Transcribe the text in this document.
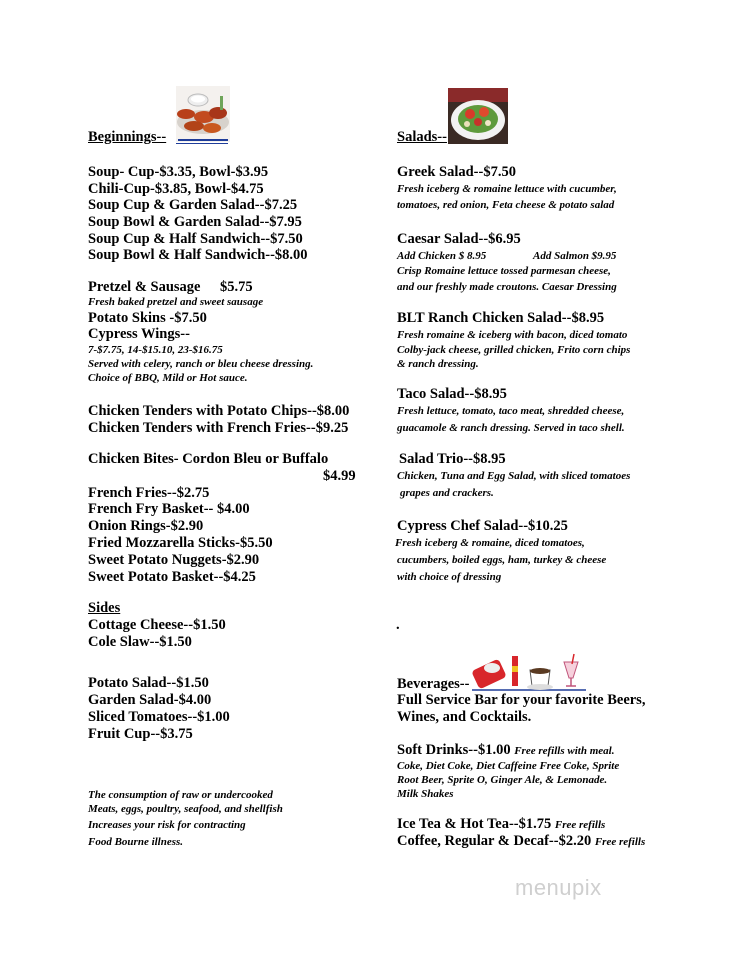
Beginnings--
Soup- Cup-$3.35, Bowl-$3.95
Chili-Cup-$3.85, Bowl-$4.75
Soup Cup & Garden Salad--$7.25
Soup Bowl & Garden Salad--$7.95
Soup Cup & Half Sandwich--$7.50
Soup Bowl & Half Sandwich--$8.00
Pretzel & Sausage $5.75
Fresh baked pretzel and sweet sausage
Potato Skins -$7.50
Cypress Wings--
7-$7.75, 14-$15.10, 23-$16.75
Served with celery, ranch or bleu cheese dressing.
Choice of BBQ, Mild or Hot sauce.
Chicken Tenders with Potato Chips--$8.00
Chicken Tenders with French Fries--$9.25
Chicken Bites- Cordon Bleu or Buffalo
$4.99
French Fries--$2.75
French Fry Basket-- $4.00
Onion Rings-$2.90
Fried Mozzarella Sticks-$5.50
Sweet Potato Nuggets-$2.90
Sweet Potato Basket--$4.25
Sides
Cottage Cheese--$1.50
Cole Slaw--$1.50
Potato Salad--$1.50
Garden Salad-$4.00
Sliced Tomatoes--$1.00
Fruit Cup--$3.75
The consumption of raw or undercooked
Meats, eggs, poultry, seafood, and shellfish
Increases your risk for contracting
Food Bourne illness.
Salads--
Greek Salad--$7.50
Fresh iceberg & romaine lettuce with cucumber,
tomatoes, red onion, Feta cheese & potato salad
Caesar Salad--$6.95
Add Chicken $ 8.95	Add Salmon $9.95
Crisp Romaine lettuce tossed parmesan cheese,
and our freshly made croutons. Caesar Dressing
BLT Ranch Chicken Salad--$8.95
Fresh romaine & iceberg with bacon, diced tomato
Colby-jack cheese, grilled chicken, Frito corn chips
& ranch dressing.
Taco Salad--$8.95
Fresh lettuce, tomato, taco meat, shredded cheese,
guacamole & ranch dressing. Served in taco shell.
Salad Trio--$8.95
Chicken, Tuna and Egg Salad, with sliced tomatoes
grapes and crackers.
Cypress Chef Salad--$10.25
Fresh iceberg & romaine, diced tomatoes,
cucumbers, boiled eggs, ham, turkey & cheese
with choice of dressing
.
Beverages--
Full Service Bar for your favorite Beers,
Wines, and Cocktails.
Soft Drinks--$1.00 Free refills with meal.
Coke, Diet Coke, Diet Caffeine Free Coke, Sprite
Root Beer, Sprite O, Ginger Ale, & Lemonade.
Milk Shakes
Ice Tea & Hot Tea--$1.75 Free refills
Coffee, Regular & Decaf--$2.20 Free refills
menupix
